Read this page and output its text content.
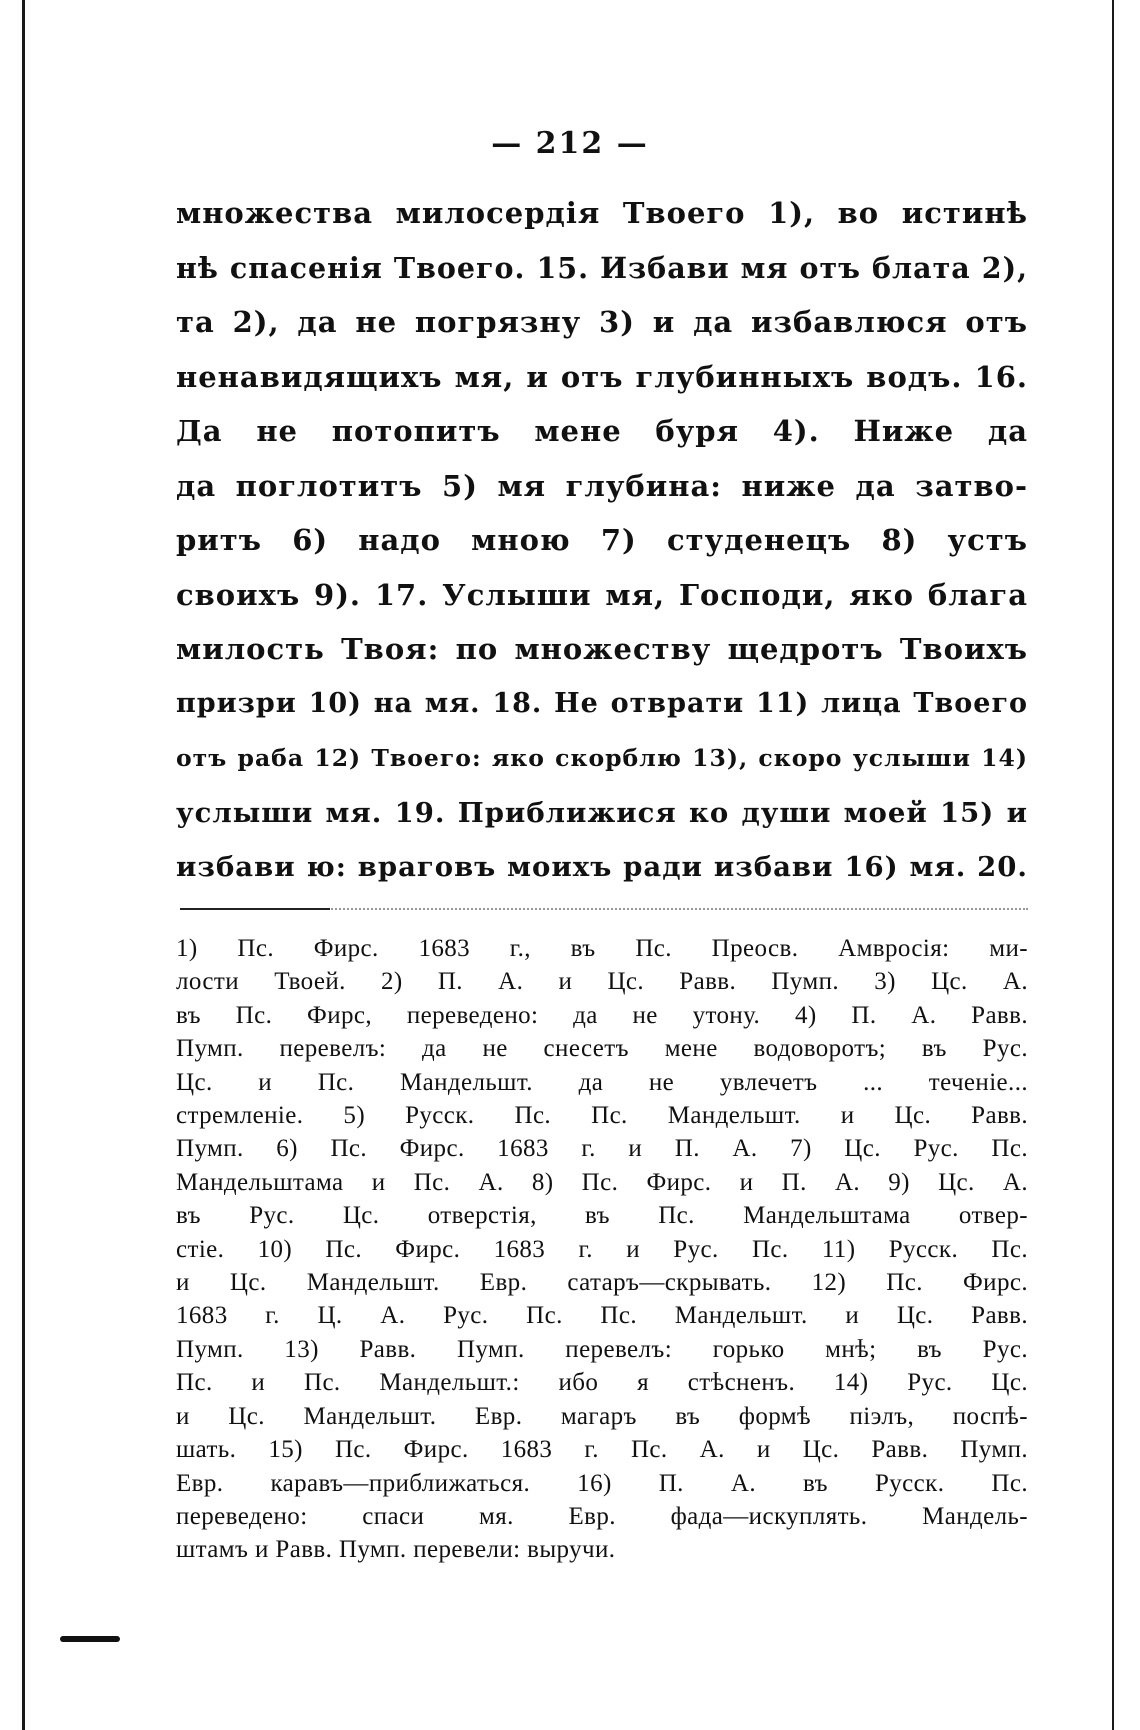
— 212 —
множества милосердія Твоего 1), во истинѣ
нѣ спасенія Твоего. 15. Избави мя отъ блата 2),
та 2), да не погрязну 3) и да избавлюся отъ
ненавидящихъ мя, и отъ глубинныхъ водъ. 16.
Да не потопитъ мене буря 4). Ниже да
да поглотитъ 5) мя глубина: ниже да затво-
ритъ 6) надо мною 7) студенецъ 8) устъ
своихъ 9). 17. Услыши мя, Господи, яко блага
милость Твоя: по множеству щедротъ Твоихъ
призри 10) на мя. 18. Не отврати 11) лица Твоего
отъ раба 12) Твоего: яко скорблю 13), скоро услыши 14)
услыши мя. 19. Приближися ко души моей 15) и
избави ю: враговъ моихъ ради избави 16) мя. 20.
1) Пс. Фирс. 1683 г., въ Пс. Преосв. Амвросія: ми-
лости Твоей. 2) П. А. и Цс. Равв. Пумп. 3) Цс. А.
въ Пс. Фирс, переведено: да не утону. 4) П. А. Равв.
Пумп. перевелъ: да не снесетъ мене водоворотъ; въ Рус.
Цс. и Пс. Мандельшт. да не увлечетъ ... теченіе...
стремленіе. 5) Русск. Пс. Пс. Мандельшт. и Цс. Равв.
Пумп. 6) Пс. Фирс. 1683 г. и П. А. 7) Цс. Рус. Пс.
Мандельштама и Пс. А. 8) Пс. Фирс. и П. А. 9) Цс. А.
въ Рус. Цс. отверстія, въ Пс. Мандельштама отвер-
стіе. 10) Пс. Фирс. 1683 г. и Рус. Пс. 11) Русск. Пс.
и Цс. Мандельшт. Евр. сатаръ—скрывать. 12) Пс. Фирс.
1683 г. Ц. А. Рус. Пс. Пс. Мандельшт. и Цс. Равв.
Пумп. 13) Равв. Пумп. перевелъ: горько мнѣ; въ Рус.
Пс. и Пс. Мандельшт.: ибо я стѣсненъ. 14) Рус. Цс.
и Цс. Мандельшт. Евр. магаръ въ формѣ піэлъ, поспѣ-
шать. 15) Пс. Фирс. 1683 г. Пс. А. и Цс. Равв. Пумп.
Евр. каравъ—приближаться. 16) П. А. въ Русск. Пс.
переведено: спаси мя. Евр. фада—искуплять. Мандель-
штамъ и Равв. Пумп. перевели: выручи.
